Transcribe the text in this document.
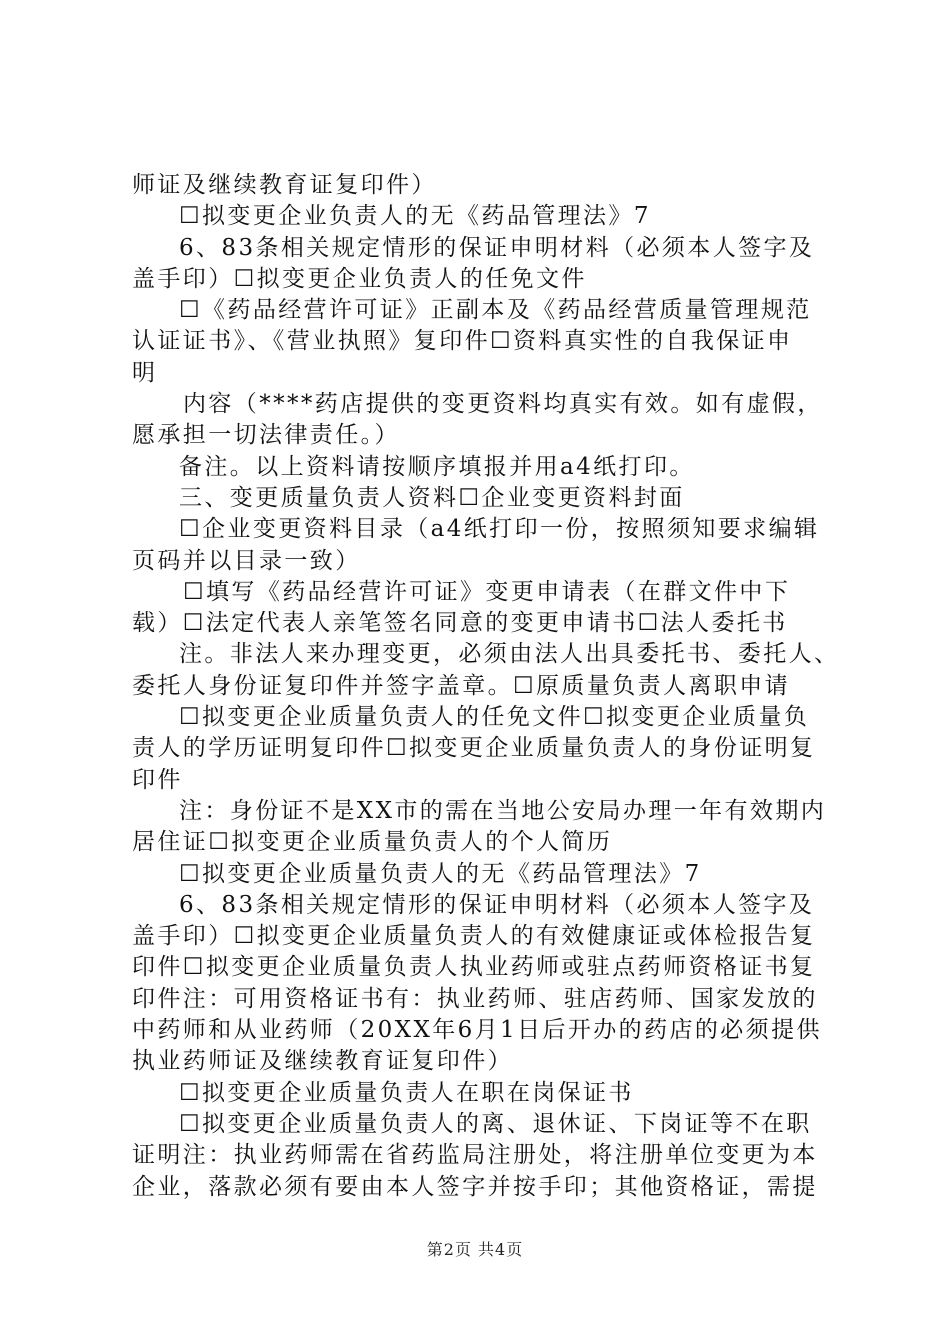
师证及继续教育证复印件）
☐拟变更企业负责人的无《药品管理法》7
6、83条相关规定情形的保证申明材料（必须本人签字及
盖手印）☐拟变更企业负责人的任免文件
☐《药品经营许可证》正副本及《药品经营质量管理规范
认证证书》、《营业执照》复印件☐资料真实性的自我保证申
明
内容（****药店提供的变更资料均真实有效。如有虚假，
愿承担一切法律责任。）
备注。以上资料请按顺序填报并用a4纸打印。
三、变更质量负责人资料☐企业变更资料封面
☐企业变更资料目录（a4纸打印一份，按照须知要求编辑
页码并以目录一致）
☐填写《药品经营许可证》变更申请表（在群文件中下
载）☐法定代表人亲笔签名同意的变更申请书☐法人委托书
注。非法人来办理变更，必须由法人出具委托书、委托人、
委托人身份证复印件并签字盖章。☐原质量负责人离职申请
☐拟变更企业质量负责人的任免文件☐拟变更企业质量负
责人的学历证明复印件☐拟变更企业质量负责人的身份证明复
印件
注：身份证不是XX市的需在当地公安局办理一年有效期内
居住证☐拟变更企业质量负责人的个人简历
☐拟变更企业质量负责人的无《药品管理法》7
6、83条相关规定情形的保证申明材料（必须本人签字及
盖手印）☐拟变更企业质量负责人的有效健康证或体检报告复
印件☐拟变更企业质量负责人执业药师或驻点药师资格证书复
印件注：可用资格证书有：执业药师、驻店药师、国家发放的
中药师和从业药师（20XX年6月1日后开办的药店的必须提供
执业药师证及继续教育证复印件）
☐拟变更企业质量负责人在职在岗保证书
☐拟变更企业质量负责人的离、退休证、下岗证等不在职
证明注：执业药师需在省药监局注册处，将注册单位变更为本
企业，落款必须有要由本人签字并按手印；其他资格证，需提
第2页 共4页
